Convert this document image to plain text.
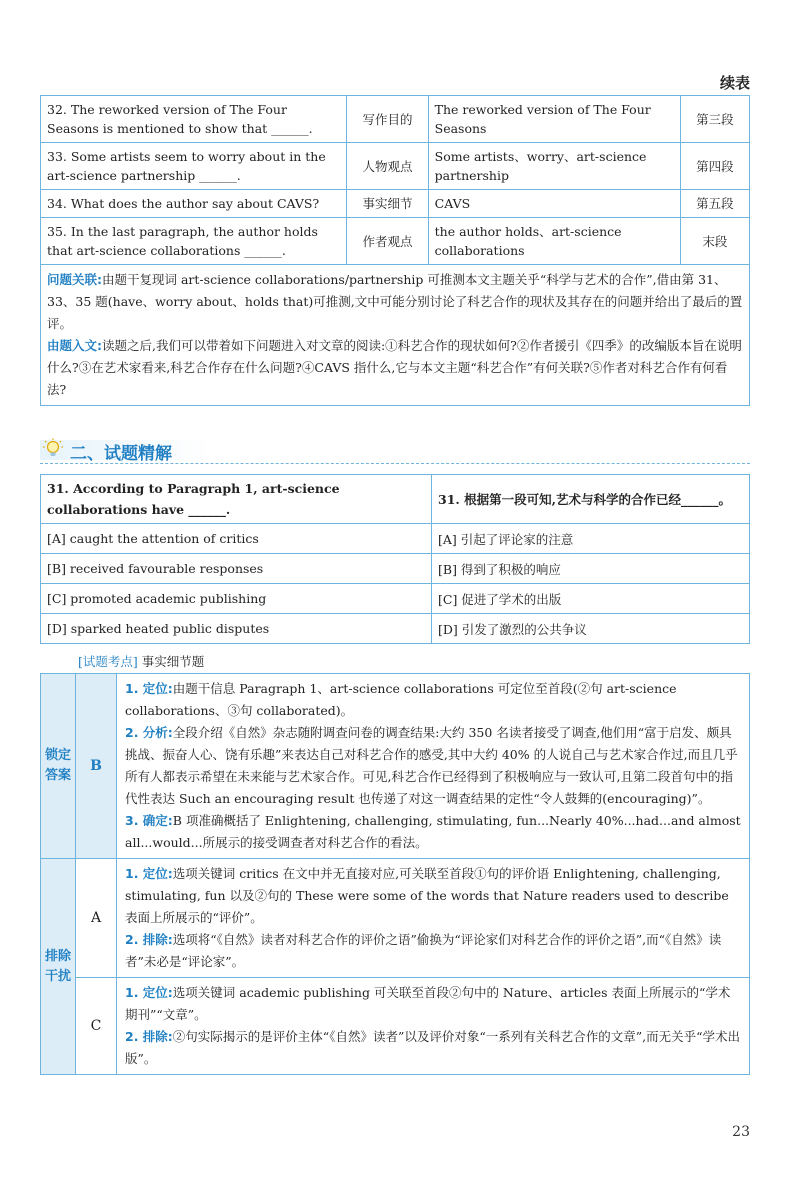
续表
32. The reworked version of The Four Seasons is mentioned to show that ______.	写作目的	The reworked version of The Four Seasons	第三段
33. Some artists seem to worry about in the art-science partnership ______.	人物观点	Some artists、worry、art-science partnership	第四段
34. What does the author say about CAVS?	事实细节	CAVS	第五段
35. In the last paragraph, the author holds that art-science collaborations ______.	作者观点	the author holds、art-science collaborations	末段

问题关联:由题干复现词 art-science collaborations/partnership 可推测本文主题关乎“科学与艺术的合作”,借由第 31、33、35 题(have、worry about、holds that)可推测,文中可能分别讨论了科艺合作的现状及其存在的问题并给出了最后的置评。
由题入文:读题之后,我们可以带着如下问题进入对文章的阅读:①科艺合作的现状如何?②作者援引《四季》的改编版本旨在说明什么?③在艺术家看来,科艺合作存在什么问题?④CAVS 指什么,它与本文主题“科艺合作”有何关联?⑤作者对科艺合作有何看法?			
二、试题精解
31. According to Paragraph 1, art-science collaborations have ______.	31. 根据第一段可知,艺术与科学的合作已经______。
[A] caught the attention of critics	[A] 引起了评论家的注意
[B] received favourable responses	[B] 得到了积极的响应
[C] promoted academic publishing	[C] 促进了学术的出版
[D] sparked heated public disputes	[D] 引发了激烈的公共争议
[试题考点] 事实细节题
锁定答案	B	1. 定位:由题干信息 Paragraph 1、art-science collaborations 可定位至首段(②句 art-science collaborations、③句 collaborated)。
2. 分析:全段介绍《自然》杂志随附调查问卷的调查结果:大约 350 名读者接受了调查,他们用“富于启发、颇具挑战、振奋人心、饶有乐趣”来表达自己对科艺合作的感受,其中大约 40% 的人说自己与艺术家合作过,而且几乎所有人都表示希望在未来能与艺术家合作。可见,科艺合作已经得到了积极响应与一致认可,且第二段首句中的指代性表达 Such an encouraging result 也传递了对这一调查结果的定性“令人鼓舞的(encouraging)”。
3. 确定:B 项准确概括了 Enlightening, challenging, stimulating, fun...Nearly 40%...had...and almost all...would...所展示的接受调查者对科艺合作的看法。

排除干扰	A	1. 定位:选项关键词 critics 在文中并无直接对应,可关联至首段①句的评价语 Enlightening, challenging, stimulating, fun 以及②句的 These were some of the words that Nature readers used to describe 表面上所展示的“评价”。
2. 排除:选项将“《自然》读者对科艺合作的评价之语”偷换为“评论家们对科艺合作的评价之语”,而“《自然》读者”未必是“评论家”。

	C	1. 定位:选项关键词 academic publishing 可关联至首段②句中的 Nature、articles 表面上所展示的“学术期刊”“文章”。
2. 排除:②句实际揭示的是评价主体“《自然》读者”以及评价对象“一系列有关科艺合作的文章”,而无关乎“学术出版”。
23
